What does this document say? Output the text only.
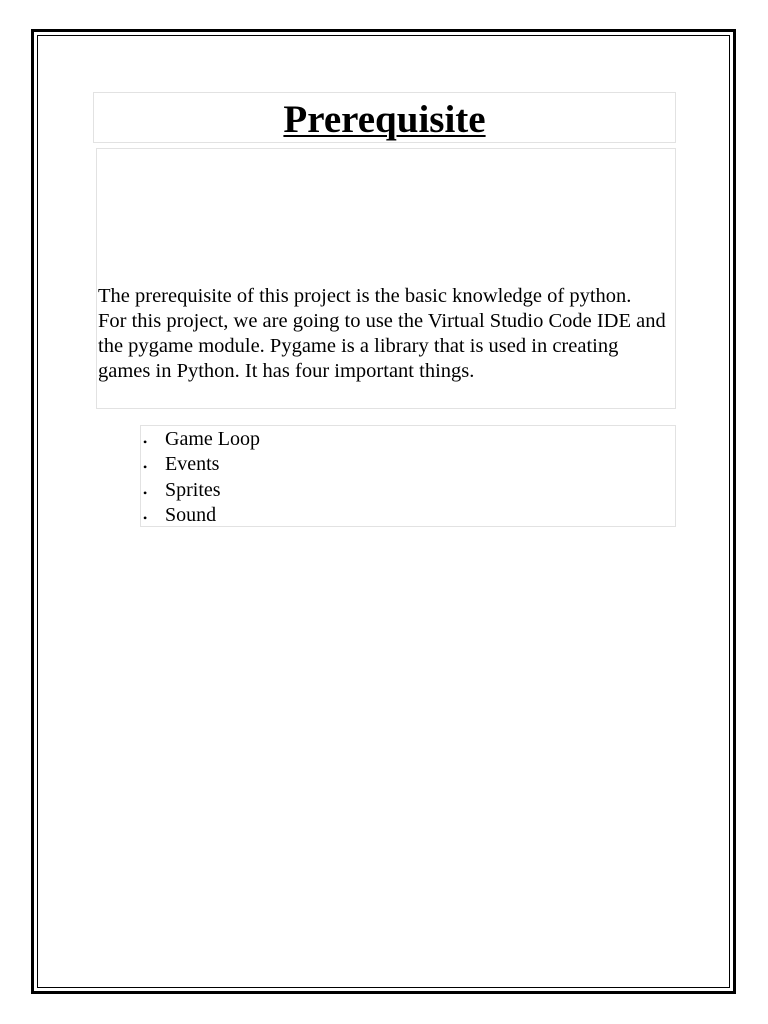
Prerequisite

The prerequisite of this project is the basic knowledge of python.

For this project, we are going to use the Virtual Studio Code IDE and the pygame module. Pygame is a library that is used in creating games in Python. It has four important things.

• Game Loop
• Events
• Sprites
• Sound
